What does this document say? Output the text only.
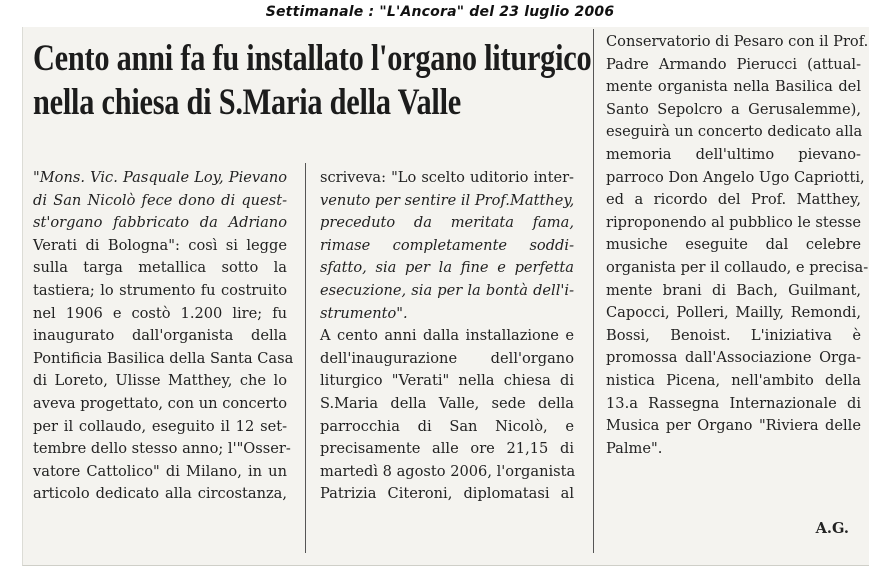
Settimanale : "L'Ancora" del 23 luglio 2006
Cento anni fa fu installato l'organo liturgico
nella chiesa di S.Maria della Valle
"Mons. Vic. Pasquale Loy, Pievano
di San Nicolò fece dono di quest-
st'organo fabbricato da Adriano
Verati di Bologna": così si legge
sulla targa metallica sotto la
tastiera; lo strumento fu costruito
nel 1906 e costò 1.200 lire; fu
inaugurato dall'organista della
Pontificia Basilica della Santa Casa
di Loreto, Ulisse Matthey, che lo
aveva progettato, con un concerto
per il collaudo, eseguito il 12 set-
tembre dello stesso anno; l'"Osser-
vatore Cattolico" di Milano, in un
articolo dedicato alla circostanza,
scriveva: "Lo scelto uditorio inter-
venuto per sentire il Prof.Matthey,
preceduto da meritata fama,
rimase completamente soddi-
sfatto, sia per la fine e perfetta
esecuzione, sia per la bontà dell'i-
strumento".
A cento anni dalla installazione e
dell'inaugurazione dell'organo
liturgico "Verati" nella chiesa di
S.Maria della Valle, sede della
parrocchia di San Nicolò, e
precisamente alle ore 21,15 di
martedì 8 agosto 2006, l'organista
Patrizia Citeroni, diplomatasi al
Conservatorio di Pesaro con il Prof.
Padre Armando Pierucci (attual-
mente organista nella Basilica del
Santo Sepolcro a Gerusalemme),
eseguirà un concerto dedicato alla
memoria dell'ultimo pievano-
parroco Don Angelo Ugo Capriotti,
ed a ricordo del Prof. Matthey,
riproponendo al pubblico le stesse
musiche eseguite dal celebre
organista per il collaudo, e precisa-
mente brani di Bach, Guilmant,
Capocci, Polleri, Mailly, Remondi,
Bossi, Benoist. L'iniziativa è
promossa dall'Associazione Orga-
nistica Picena, nell'ambito della
13.a Rassegna Internazionale di
Musica per Organo "Riviera delle
Palme".
A.G.
